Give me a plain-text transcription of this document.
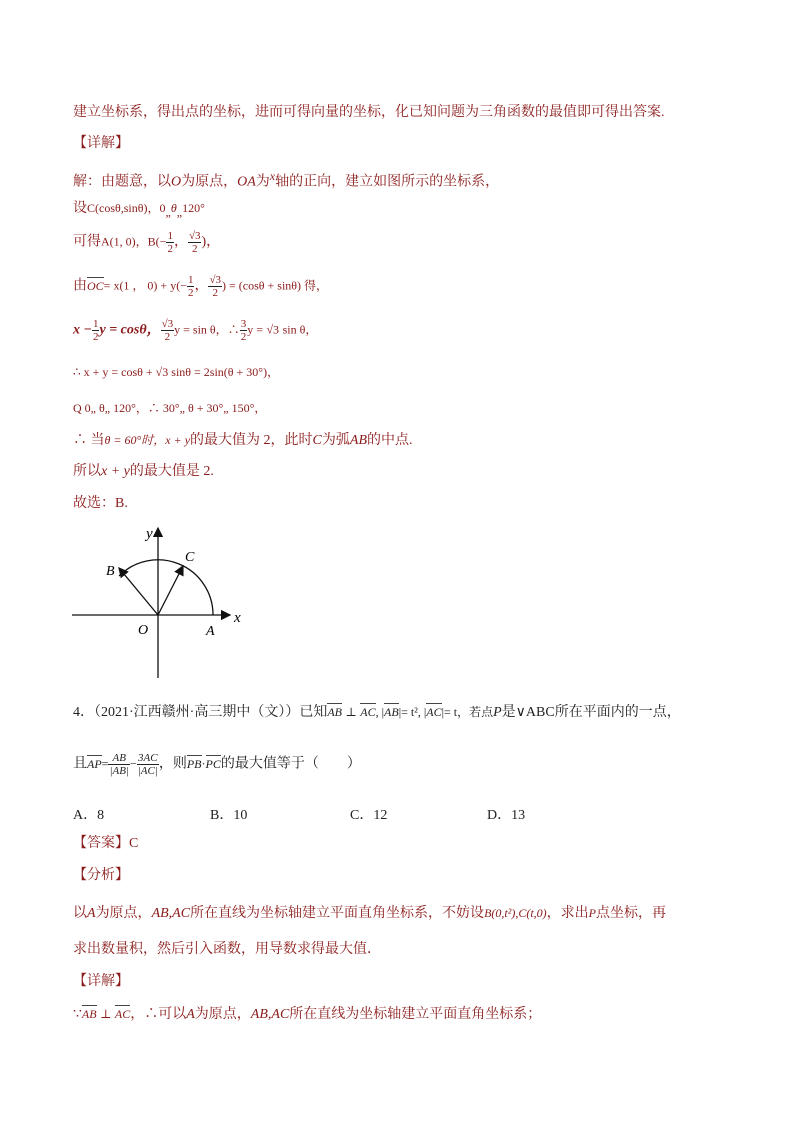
建立坐标系，得出点的坐标，进而可得向量的坐标，化已知问题为三角函数的最值即可得出答案.
【详解】
解：由题意，以O为原点，OA为$^x$轴的正向，建立如图所示的坐标系，
设C(cosθ,sinθ)，$0_„\theta_„120^\circ$
可得A(1, 0)，$B(- \frac{1}{2}$ ， $\frac{√3}{2}$ )，
由OC= x(1 ， $0) + y(- \frac{1}{2}$ ， $\frac{√3}{2}$ ) = (cosθ + sinθ) 得，
$x - \frac{1}{2}$ y = cosθ， $\frac{√3}{2}$ y = sin θ，∴ $\frac{3}{2}$ y = √3 sin θ，
∴ x + y = cosθ + √3 sinθ = 2sin(θ + 30°)，
Q 0„ θ„ 120°，∴ 30°„ θ + 30°„ 150°，
∴ 当θ = 60°时，x + y的最大值为 2，此时C为弧AB的中点.
所以x + y的最大值是 2.
故选：B.
y
x
O	A
B
C
4．（2021·江西赣州·高三期中（文））已知AB ⊥ AC, |AB|= t², |AC|= t，若点P是∨ABC所在平面内的一点，
且$AP= \frac{AB}{|AB|} - \frac{3AC}{|AC|}$ ，则PB·PC的最大值等于（　　）
A．8	B．10	C．12	D．13
【答案】C
【分析】
以A为原点，AB,AC所在直线为坐标轴建立平面直角坐标系，不妨设B(0,t²),C(t,0)，求出P点坐标，再
求出数量积，然后引入函数，用导数求得最大值．
【详解】
∵AB ⊥ AC，∴可以A为原点，AB,AC所在直线为坐标轴建立平面直角坐标系；
